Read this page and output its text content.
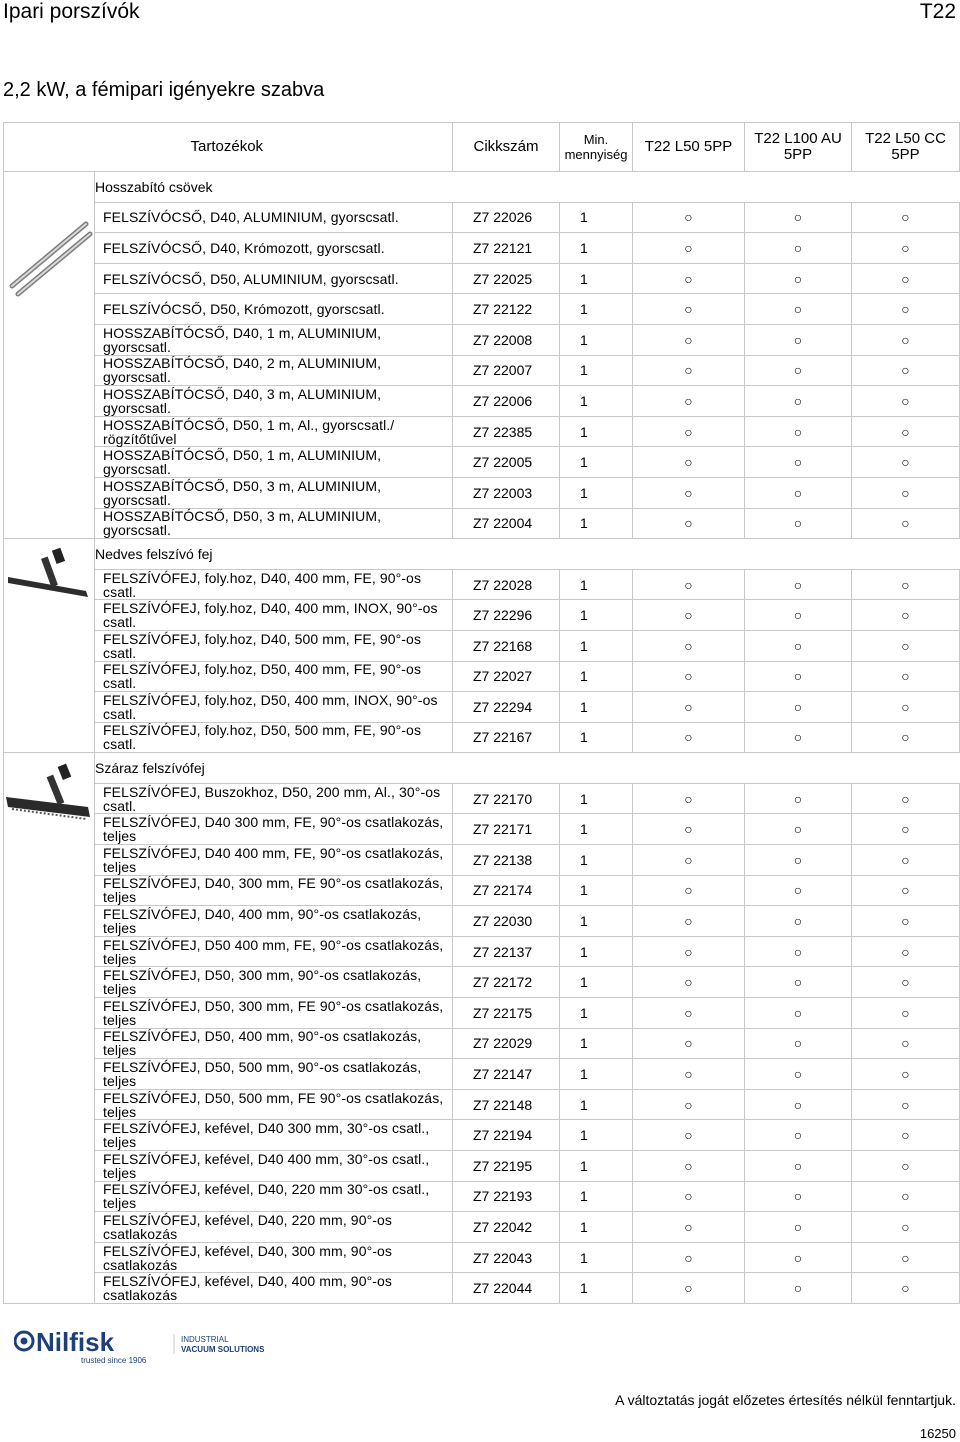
Ipari porszívók	T22
2,2 kW, a fémipari igényekre szabva
	Tartozékok	Cikkszám	Min. mennyiség	T22 L50 5PP	T22 L100 AU 5PP	T22 L50 CC 5PP

	Hosszabító csövek					
	FELSZÍVÓCSŐ, D40, ALUMINIUM, gyorscsatl.	Z7 22026	1	○	○	○
	FELSZÍVÓCSŐ, D40, Krómozott, gyorscsatl.	Z7 22121	1	○	○	○
	FELSZÍVÓCSŐ, D50, ALUMINIUM, gyorscsatl.	Z7 22025	1	○	○	○
	FELSZÍVÓCSŐ, D50, Krómozott, gyorscsatl.	Z7 22122	1	○	○	○
	HOSSZABÍTÓCSŐ, D40, 1 m, ALUMINIUM, gyorscsatl.	Z7 22008	1	○	○	○
	HOSSZABÍTÓCSŐ, D40, 2 m, ALUMINIUM, gyorscsatl.	Z7 22007	1	○	○	○
	HOSSZABÍTÓCSŐ, D40, 3 m, ALUMINIUM, gyorscsatl.	Z7 22006	1	○	○	○
	HOSSZABÍTÓCSŐ, D50, 1 m, Al., gyorscsatl./ rögzítőtűvel	Z7 22385	1	○	○	○
	HOSSZABÍTÓCSŐ, D50, 1 m, ALUMINIUM, gyorscsatl.	Z7 22005	1	○	○	○
	HOSSZABÍTÓCSŐ, D50, 3 m, ALUMINIUM, gyorscsatl.	Z7 22003	1	○	○	○
	HOSSZABÍTÓCSŐ, D50, 3 m, ALUMINIUM, gyorscsatl.	Z7 22004	1	○	○	○

	Nedves felszívó fej					
	FELSZÍVÓFEJ, foly.hoz, D40, 400 mm, FE, 90°-os csatl.	Z7 22028	1	○	○	○
	FELSZÍVÓFEJ, foly.hoz, D40, 400 mm, INOX, 90°-os csatl.	Z7 22296	1	○	○	○
	FELSZÍVÓFEJ, foly.hoz, D40, 500 mm, FE, 90°-os csatl.	Z7 22168	1	○	○	○
	FELSZÍVÓFEJ, foly.hoz, D50, 400 mm, FE, 90°-os csatl.	Z7 22027	1	○	○	○
	FELSZÍVÓFEJ, foly.hoz, D50, 400 mm, INOX, 90°-os csatl.	Z7 22294	1	○	○	○
	FELSZÍVÓFEJ, foly.hoz, D50, 500 mm, FE, 90°-os csatl.	Z7 22167	1	○	○	○

	Száraz felszívófej					
	FELSZÍVÓFEJ, Buszokhoz, D50, 200 mm, Al., 30°-os csatl.	Z7 22170	1	○	○	○
	FELSZÍVÓFEJ, D40 300 mm, FE, 90°-os csatlakozás, teljes	Z7 22171	1	○	○	○
	FELSZÍVÓFEJ, D40 400 mm, FE, 90°-os csatlakozás, teljes	Z7 22138	1	○	○	○
	FELSZÍVÓFEJ, D40, 300 mm, FE 90°-os csatlakozás, teljes	Z7 22174	1	○	○	○
	FELSZÍVÓFEJ, D40, 400 mm, 90°-os csatlakozás, teljes	Z7 22030	1	○	○	○
	FELSZÍVÓFEJ, D50 400 mm, FE, 90°-os csatlakozás, teljes	Z7 22137	1	○	○	○
	FELSZÍVÓFEJ, D50, 300 mm, 90°-os csatlakozás, teljes	Z7 22172	1	○	○	○
	FELSZÍVÓFEJ, D50, 300 mm, FE 90°-os csatlakozás, teljes	Z7 22175	1	○	○	○
	FELSZÍVÓFEJ, D50, 400 mm, 90°-os csatlakozás, teljes	Z7 22029	1	○	○	○
	FELSZÍVÓFEJ, D50, 500 mm, 90°-os csatlakozás, teljes	Z7 22147	1	○	○	○
	FELSZÍVÓFEJ, D50, 500 mm, FE 90°-os csatlakozás, teljes	Z7 22148	1	○	○	○
	FELSZÍVÓFEJ, kefével, D40 300 mm, 30°-os csatl., teljes	Z7 22194	1	○	○	○
	FELSZÍVÓFEJ, kefével, D40 400 mm, 30°-os csatl., teljes	Z7 22195	1	○	○	○
	FELSZÍVÓFEJ, kefével, D40, 220 mm 30°-os csatl., teljes	Z7 22193	1	○	○	○
	FELSZÍVÓFEJ, kefével, D40, 220 mm, 90°-os csatlakozás	Z7 22042	1	○	○	○
	FELSZÍVÓFEJ, kefével, D40, 300 mm, 90°-os csatlakozás	Z7 22043	1	○	○	○
	FELSZÍVÓFEJ, kefével, D40, 400 mm, 90°-os csatlakozás	Z7 22044	1	○	○	○
Nilfisk
trusted since 1906
INDUSTRIAL
VACUUM SOLUTIONS
A változtatás jogát előzetes értesítés nélkül fenntartjuk.
16250
